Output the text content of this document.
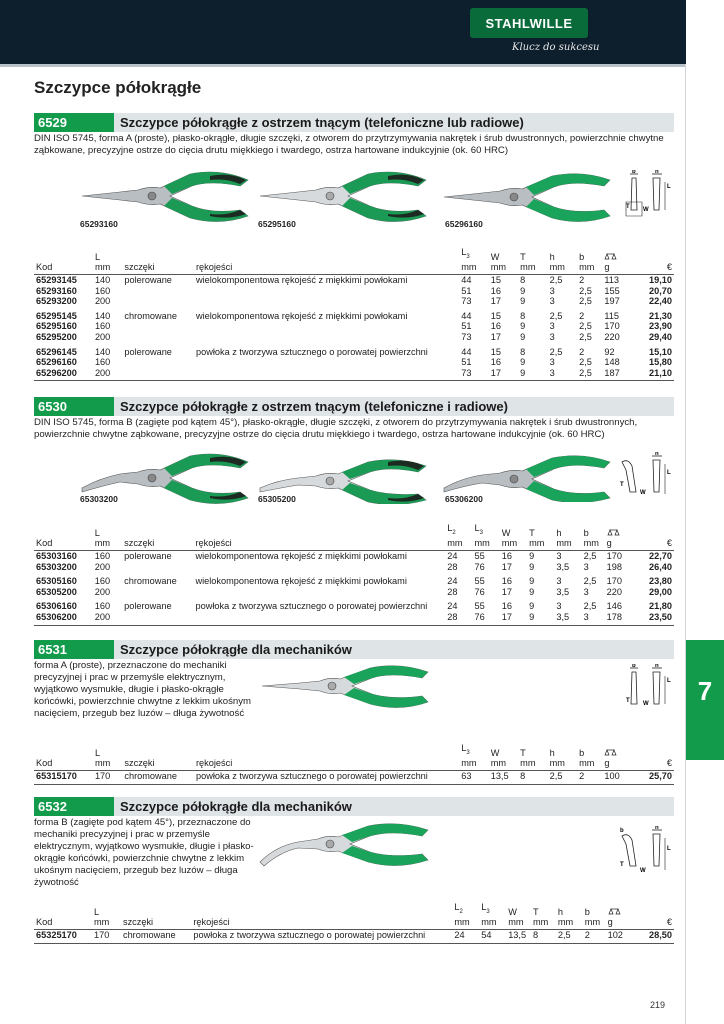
STAHLWILLE
Klucz do sukcesu
Szczypce półokrągłe
7
6529	Szczypce półokrągłe z ostrzem tnącym (telefoniczne lub radiowe)
DIN ISO 5745, forma A (proste), płasko-okrągłe, długie szczęki, z otworem do przytrzymywania nakrętek i śrub dwustronnych, powierzchnie chwytne ząbkowane, precyzyjne ostrze do cięcia drutu miękkiego i twardego, ostrza hartowane indukcyjnie (ok. 60 HRC)
65293160	65295160	65296160
b	h
T W
L
	L			$L_3$	W	T	h	b		
Kod	mm	szczęki	rękojeści	mm	mm	mm	mm	mm	g	€
65293145	140	polerowane	wielokomponentowa rękojeść z miękkimi powłokami	44	15	8	2,5	2	113	19,10
65293160	160			51	16	9	3	2,5	155	20,70
65293200	200			73	17	9	3	2,5	197	22,40
65295145	140	chromowane	wielokomponentowa rękojeść z miękkimi powłokami	44	15	8	2,5	2	115	21,30
65295160	160			51	16	9	3	2,5	170	23,90
65295200	200			73	17	9	3	2,5	220	29,40
65296145	140	polerowane	powłoka z tworzywa sztucznego o porowatej powierzchni	44	15	8	2,5	2	92	15,10
65296160	160			51	16	9	3	2,5	148	15,80
65296200	200			73	17	9	3	2,5	187	21,10
6530	Szczypce półokrągłe z ostrzem tnącym (telefoniczne i radiowe)
DIN ISO 5745, forma B (zagięte pod kątem 45°), płasko-okrągłe, długie szczęki, z otworem do przytrzymywania nakrętek i śrub dwustronnych, powierzchnie chwytne ząbkowane, precyzyjne ostrze do cięcia drutu miękkiego i twardego, ostrza hartowane indukcyjnie (ok. 60 HRC)
65303200	65305200	65306200
h
W
T
L
	L			$L_2$	$L_3$	W	T	h	b		
Kod	mm	szczęki	rękojeści	mm	mm	mm	mm	mm	mm	g	€
65303160	160	polerowane	wielokomponentowa rękojeść z miękkimi powłokami	24	55	16	9	3	2,5	170	22,70
65303200	200			28	76	17	9	3,5	3	198	26,40
65305160	160	chromowane	wielokomponentowa rękojeść z miękkimi powłokami	24	55	16	9	3	2,5	170	23,80
65305200	200			28	76	17	9	3,5	3	220	29,00
65306160	160	polerowane	powłoka z tworzywa sztucznego o porowatej powierzchni	24	55	16	9	3	2,5	146	21,80
65306200	200			28	76	17	9	3,5	3	178	23,50
6531	Szczypce półokrągłe dla mechaników
forma A (proste), przeznaczone do mechaniki precyzyjnej i prac w przemyśle elektrycznym, wyjątkowo wysmukłe, długie i płasko-okrągłe końcówki, powierzchnie chwytne z lekkim ukośnym nacięciem, przegub bez luzów – długa żywotność
b	h
T W
L
	L			$L_3$	W	T	h	b		
Kod	mm	szczęki	rękojeści	mm	mm	mm	mm	mm	g	€
65315170	170	chromowane	powłoka z tworzywa sztucznego o porowatej powierzchni	63	13,5	8	2,5	2	100	25,70
6532	Szczypce półokrągłe dla mechaników
forma B (zagięte pod kątem 45°), przeznaczone do mechaniki precyzyjnej i prac w przemyśle elektrycznym, wyjątkowo wysmukłe, długie i płasko-okrągłe końcówki, powierzchnie chwytne z lekkim ukośnym nacięciem, przegub bez luzów – długa żywotność
b	h
W
T
L
	L			$L_2$	$L_3$	W	T	h	b		
Kod	mm	szczęki	rękojeści	mm	mm	mm	mm	mm	mm	g	€
65325170	170	chromowane	powłoka z tworzywa sztucznego o porowatej powierzchni	24	54	13,5	8	2,5	2	102	28,50
219
